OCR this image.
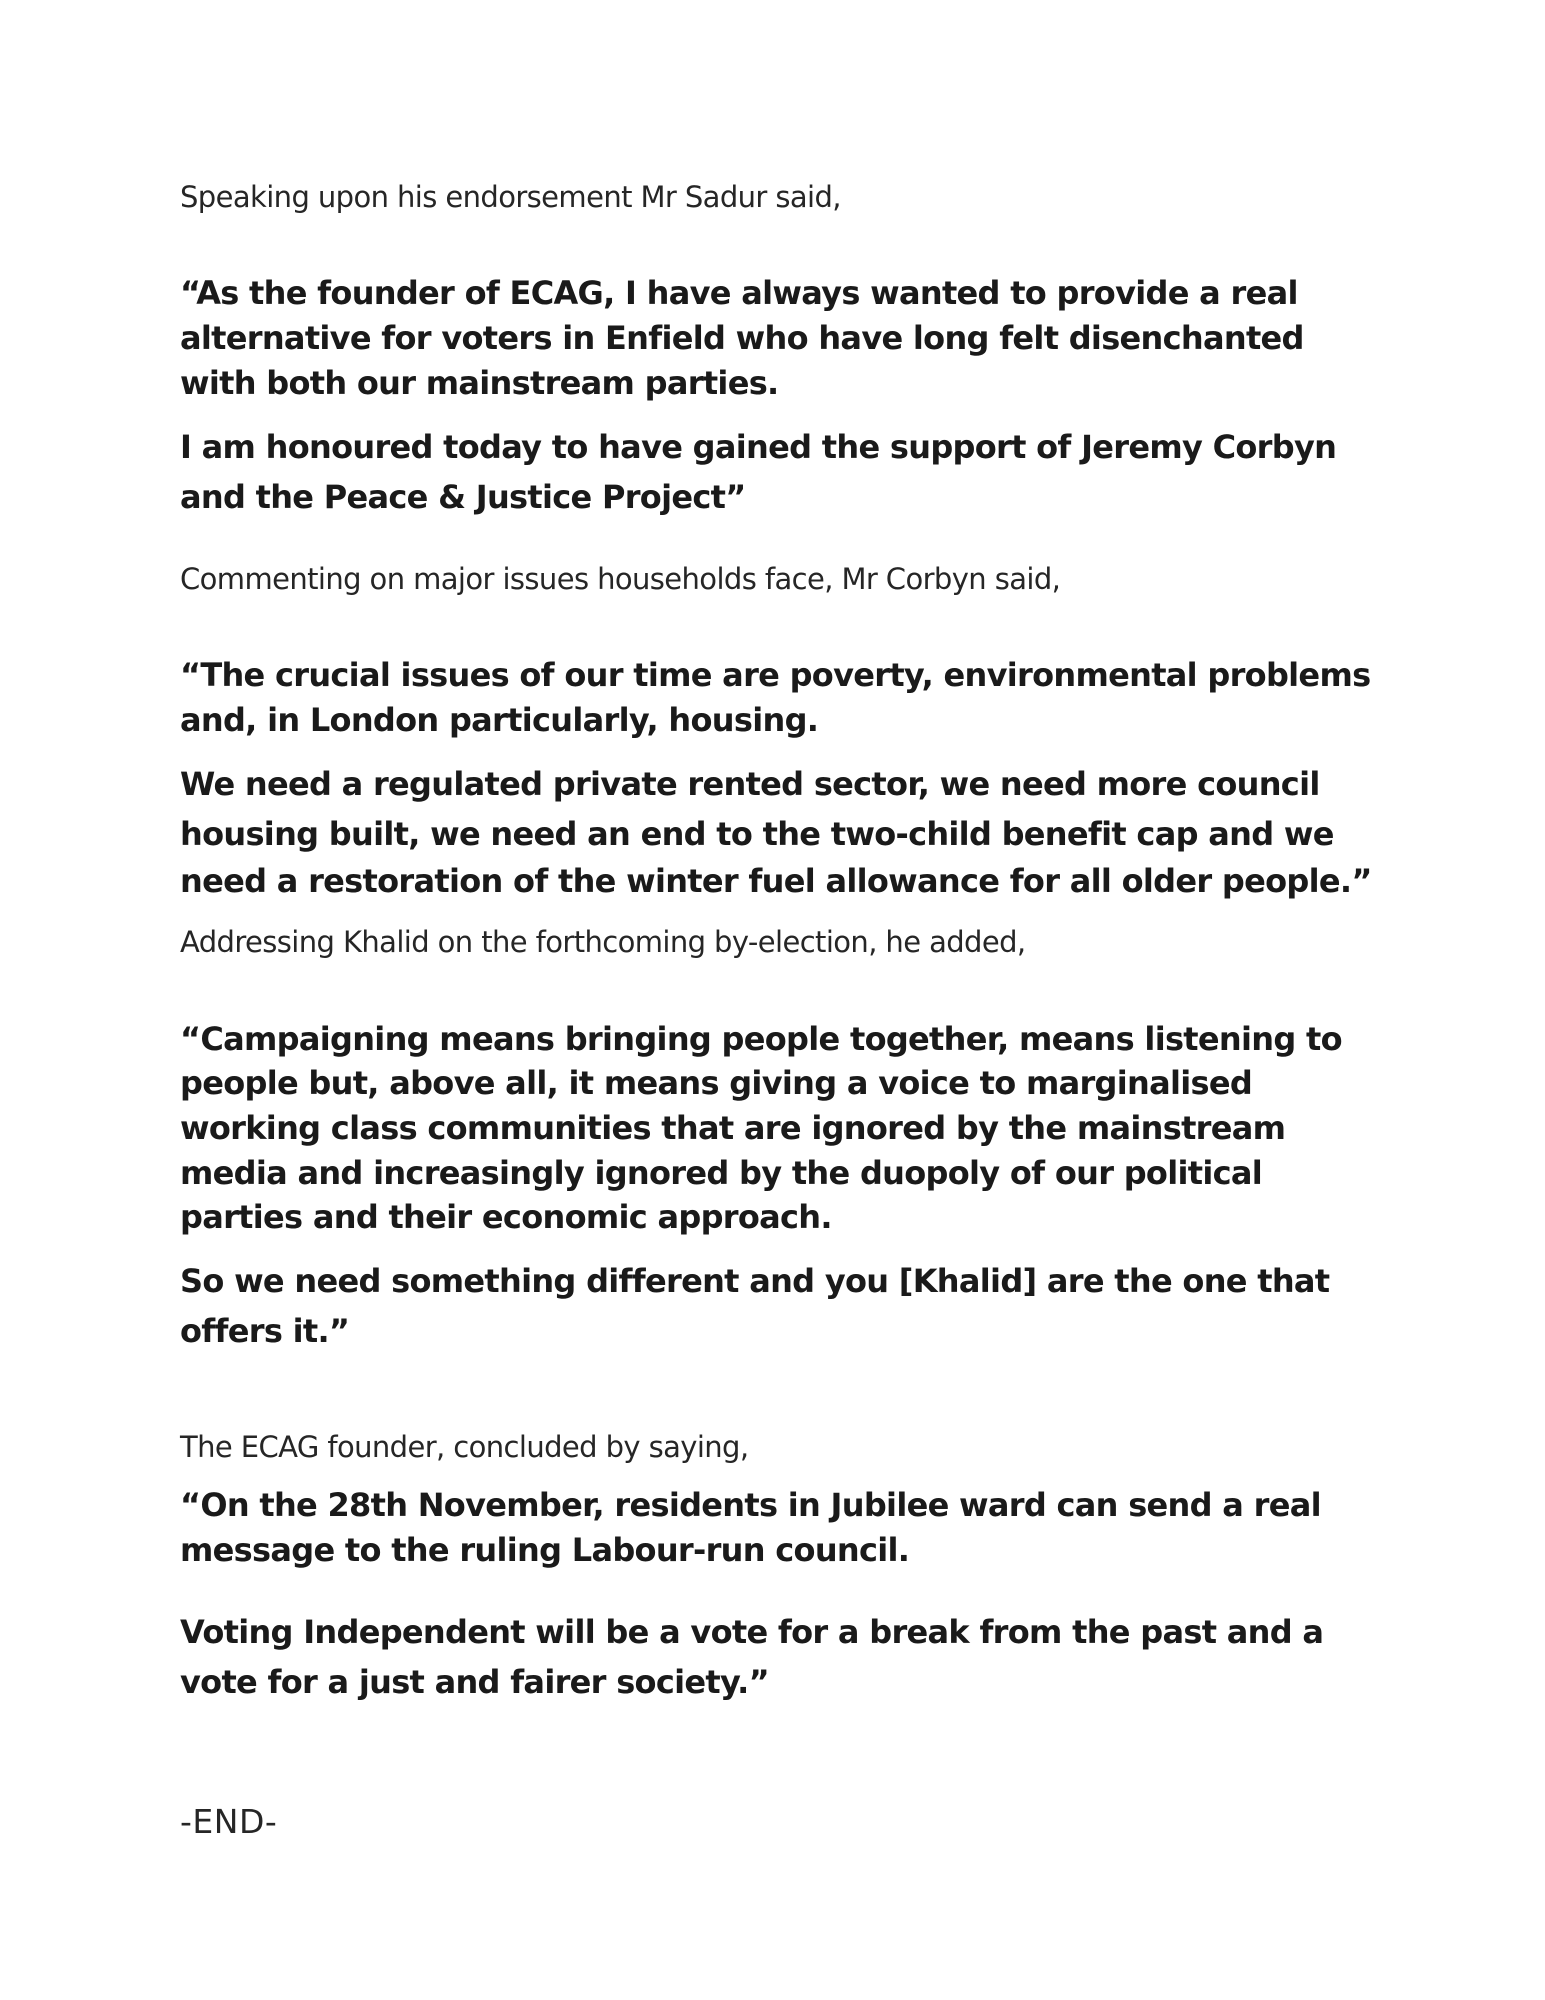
Speaking upon his endorsement Mr Sadur said,

“As the founder of ECAG, I have always wanted to provide a real

alternative for voters in Enfield who have long felt disenchanted

with both our mainstream parties.

I am honoured today to have gained the support of Jeremy Corbyn

and the Peace & Justice Project”

Commenting on major issues households face, Mr Corbyn said,

“The crucial issues of our time are poverty, environmental problems

and, in London particularly, housing.

We need a regulated private rented sector, we need more council

housing built, we need an end to the two-child benefit cap and we

need a restoration of the winter fuel allowance for all older people.”

Addressing Khalid on the forthcoming by-election, he added,

“Campaigning means bringing people together, means listening to

people but, above all, it means giving a voice to marginalised

working class communities that are ignored by the mainstream

media and increasingly ignored by the duopoly of our political

parties and their economic approach.

So we need something different and you [Khalid] are the one that

offers it.”

The ECAG founder, concluded by saying,

“On the 28th November, residents in Jubilee ward can send a real

message to the ruling Labour-run council.

Voting Independent will be a vote for a break from the past and a

vote for a just and fairer society.”

-END-
